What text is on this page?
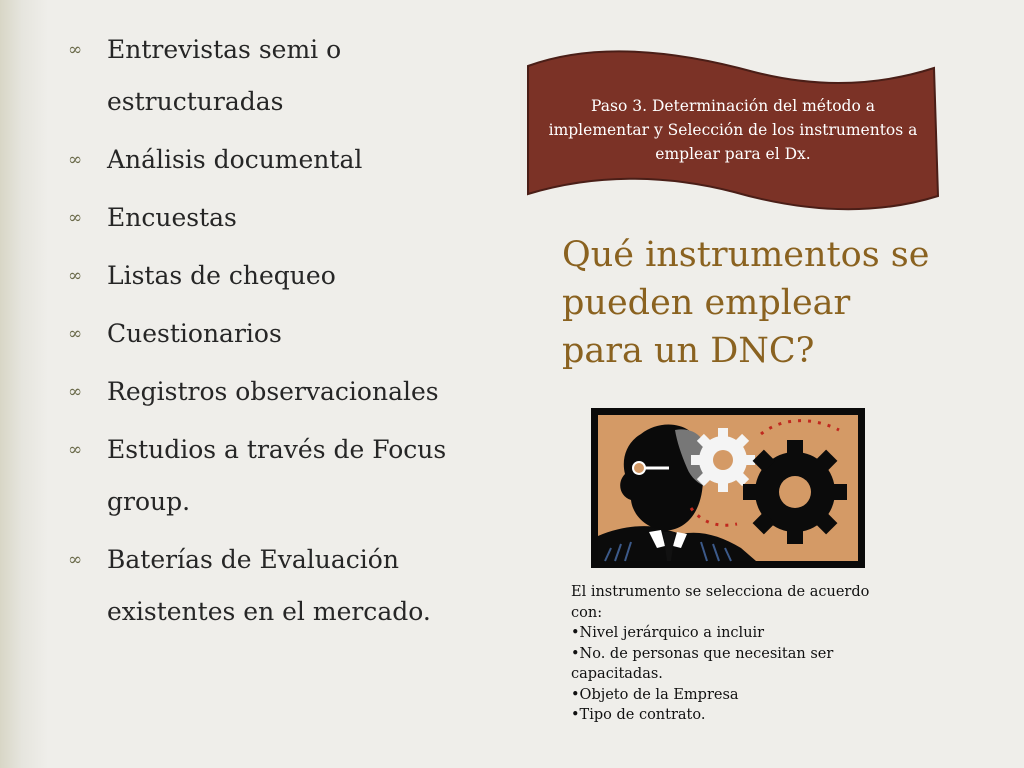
∞ Entrevistas semi o estructuradas
∞ Análisis documental
∞ Encuestas
∞ Listas de chequeo
∞ Cuestionarios
∞ Registros observacionales
∞ Estudios a través de Focus group.
∞ Baterías de Evaluación existentes en el mercado.
Paso 3. Determinación del método a implementar y Selección de los instrumentos a emplear para el Dx.
Qué instrumentos se pueden emplear para un DNC?
El instrumento se selecciona de acuerdo con:
•Nivel jerárquico a incluir
•No. de personas que necesitan ser capacitadas.
•Objeto de la Empresa
•Tipo de contrato.
